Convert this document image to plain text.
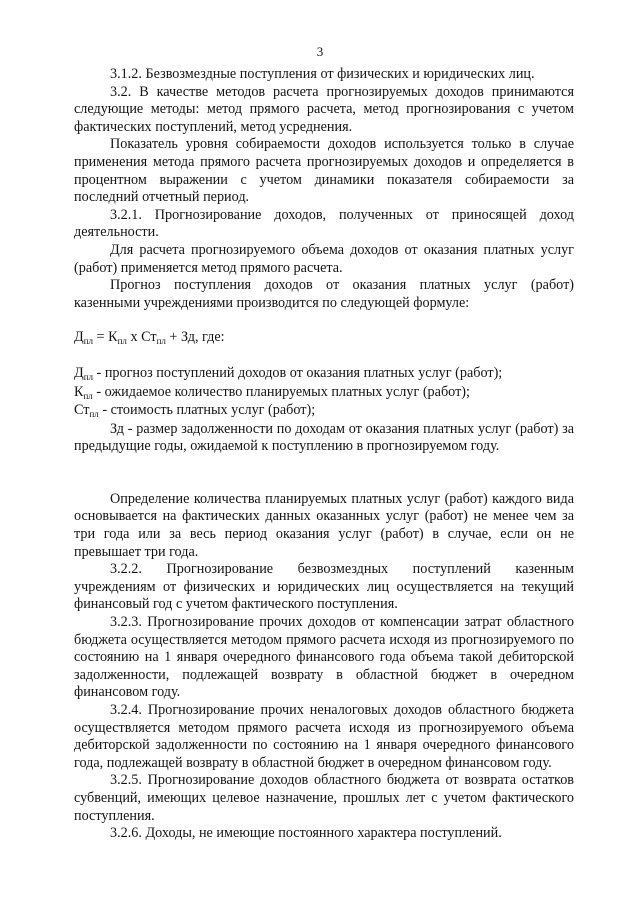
3

3.1.2. Безвозмездные поступления от физических и юридических лиц.

3.2. В качестве методов расчета прогнозируемых доходов принимаются следующие методы: метод прямого расчета, метод прогнозирования с учетом фактических поступлений, метод усреднения.

Показатель уровня собираемости доходов используется только в случае применения метода прямого расчета прогнозируемых доходов и определяется в процентном выражении с учетом динамики показателя собираемости за последний отчетный период.

3.2.1. Прогнозирование доходов, полученных от приносящей доход деятельности.

Для расчета прогнозируемого объема доходов от оказания платных услуг (работ) применяется метод прямого расчета.

Прогноз поступления доходов от оказания платных услуг (работ) казенными учреждениями производится по следующей формуле:

$Д_{пл} = К_{пл}$ х $Ст_{пл}$ + Зд, где:

$Д_{пл}$ - прогноз поступлений доходов от оказания платных услуг (работ);

$К_{пл}$ - ожидаемое количество планируемых платных услуг (работ);

$Ст_{пл}$ - стоимость платных услуг (работ);

Зд - размер задолженности по доходам от оказания платных услуг (работ) за предыдущие годы, ожидаемой к поступлению в прогнозируемом году.

Определение количества планируемых платных услуг (работ) каждого вида основывается на фактических данных оказанных услуг (работ) не менее чем за три года или за весь период оказания услуг (работ) в случае, если он не превышает три года.

3.2.2. Прогнозирование безвозмездных поступлений казенным учреждениям от физических и юридических лиц осуществляется на текущий финансовый год с учетом фактического поступления.

3.2.3. Прогнозирование прочих доходов от компенсации затрат областного бюджета осуществляется методом прямого расчета исходя из прогнозируемого по состоянию на 1 января очередного финансового года объема такой дебиторской задолженности, подлежащей возврату в областной бюджет в очередном финансовом году.

3.2.4. Прогнозирование прочих неналоговых доходов областного бюджета осуществляется методом прямого расчета исходя из прогнозируемого объема дебиторской задолженности по состоянию на 1 января очередного финансового года, подлежащей возврату в областной бюджет в очередном финансовом году.

3.2.5. Прогнозирование доходов областного бюджета от возврата остатков субвенций, имеющих целевое назначение, прошлых лет с учетом фактического поступления.

3.2.6. Доходы, не имеющие постоянного характера поступлений.
